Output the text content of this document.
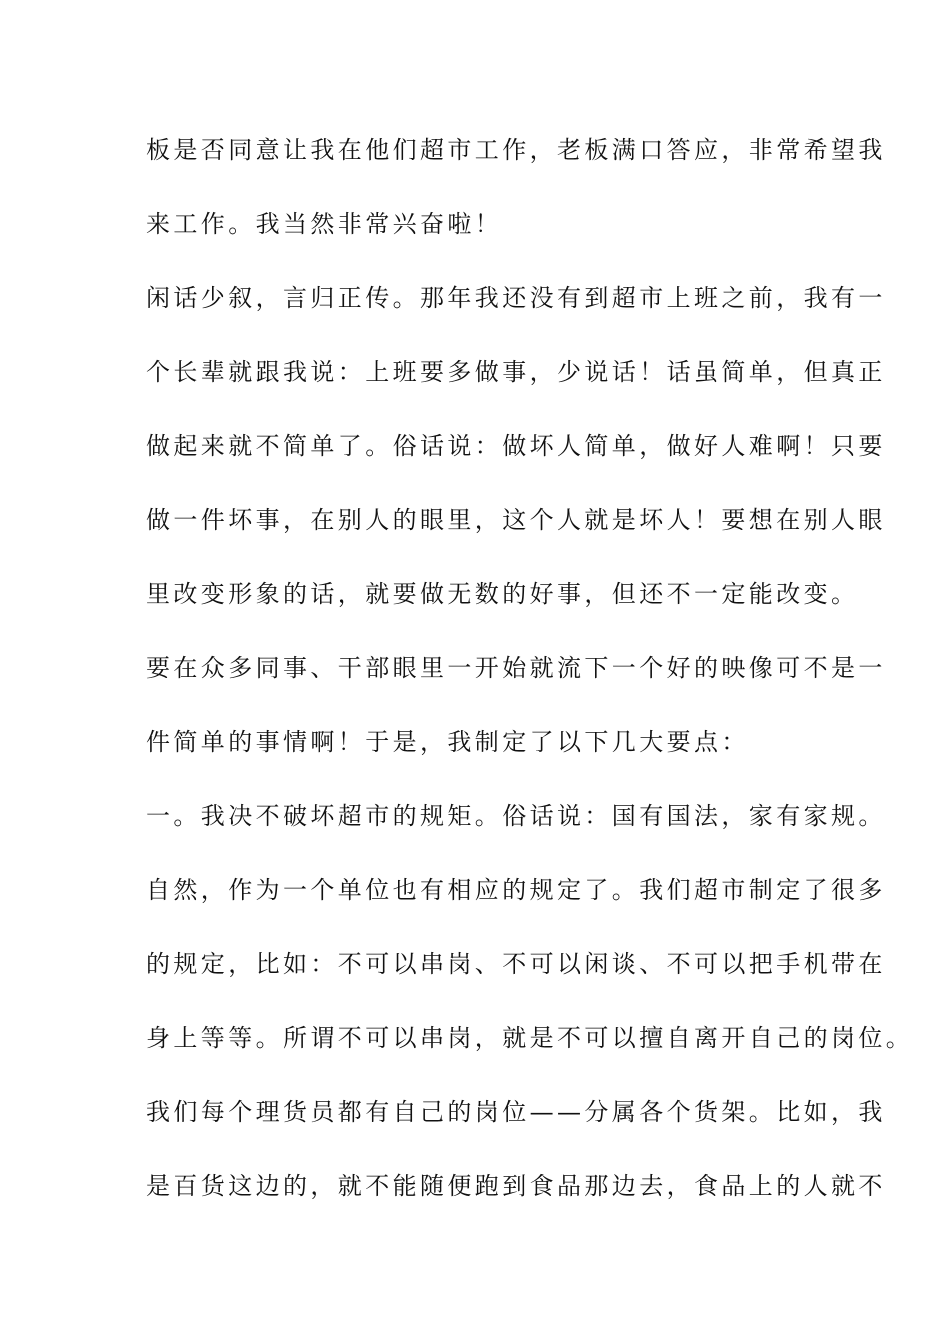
板是否同意让我在他们超市工作，老板满口答应，非常希望我
来工作。我当然非常兴奋啦！
闲话少叙，言归正传。那年我还没有到超市上班之前，我有一
个长辈就跟我说：上班要多做事，少说话！话虽简单，但真正
做起来就不简单了。俗话说：做坏人简单，做好人难啊！只要
做一件坏事，在别人的眼里，这个人就是坏人！要想在别人眼
里改变形象的话，就要做无数的好事，但还不一定能改变。
要在众多同事、干部眼里一开始就流下一个好的映像可不是一
件简单的事情啊！于是，我制定了以下几大要点：
一。我决不破坏超市的规矩。俗话说：国有国法，家有家规。
自然，作为一个单位也有相应的规定了。我们超市制定了很多
的规定，比如：不可以串岗、不可以闲谈、不可以把手机带在
身上等等。所谓不可以串岗，就是不可以擅自离开自己的岗位。
我们每个理货员都有自己的岗位——分属各个货架。比如，我
是百货这边的，就不能随便跑到食品那边去，食品上的人就不
